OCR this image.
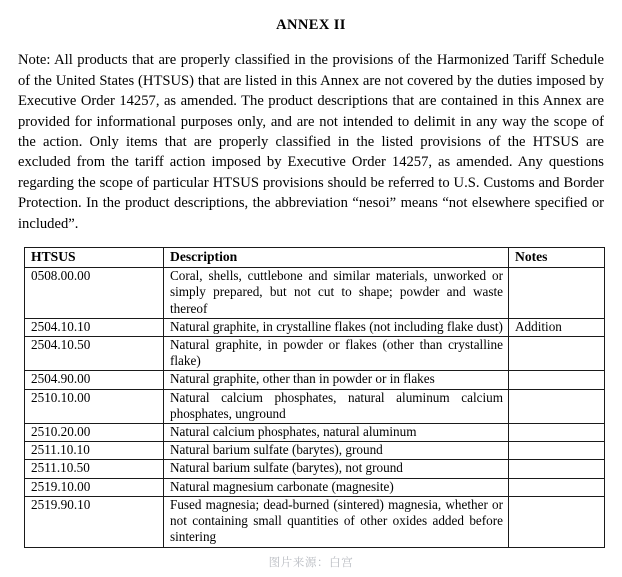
ANNEX II

Note: All products that are properly classified in the provisions of the Harmonized Tariff Schedule of the United States (HTSUS) that are listed in this Annex are not covered by the duties imposed by Executive Order 14257, as amended. The product descriptions that are contained in this Annex are provided for informational purposes only, and are not intended to delimit in any way the scope of the action. Only items that are properly classified in the listed provisions of the HTSUS are excluded from the tariff action imposed by Executive Order 14257, as amended. Any questions regarding the scope of particular HTSUS provisions should be referred to U.S. Customs and Border Protection. In the product descriptions, the abbreviation “nesoi” means “not elsewhere specified or included”.

HTSUS	Description	Notes
0508.00.00	Coral, shells, cuttlebone and similar materials, unworked or simply prepared, but not cut to shape; powder and waste thereof	
2504.10.10	Natural graphite, in crystalline flakes (not including flake dust)	Addition
2504.10.50	Natural graphite, in powder or flakes (other than crystalline flake)	
2504.90.00	Natural graphite, other than in powder or in flakes	
2510.10.00	Natural calcium phosphates, natural aluminum calcium phosphates, unground	
2510.20.00	Natural calcium phosphates, natural aluminum	
2511.10.10	Natural barium sulfate (barytes), ground	
2511.10.50	Natural barium sulfate (barytes), not ground	
2519.10.00	Natural magnesium carbonate (magnesite)	
2519.90.10	Fused magnesia; dead-burned (sintered) magnesia, whether or not containing small quantities of other oxides added before sintering	
图片来源：白宫
